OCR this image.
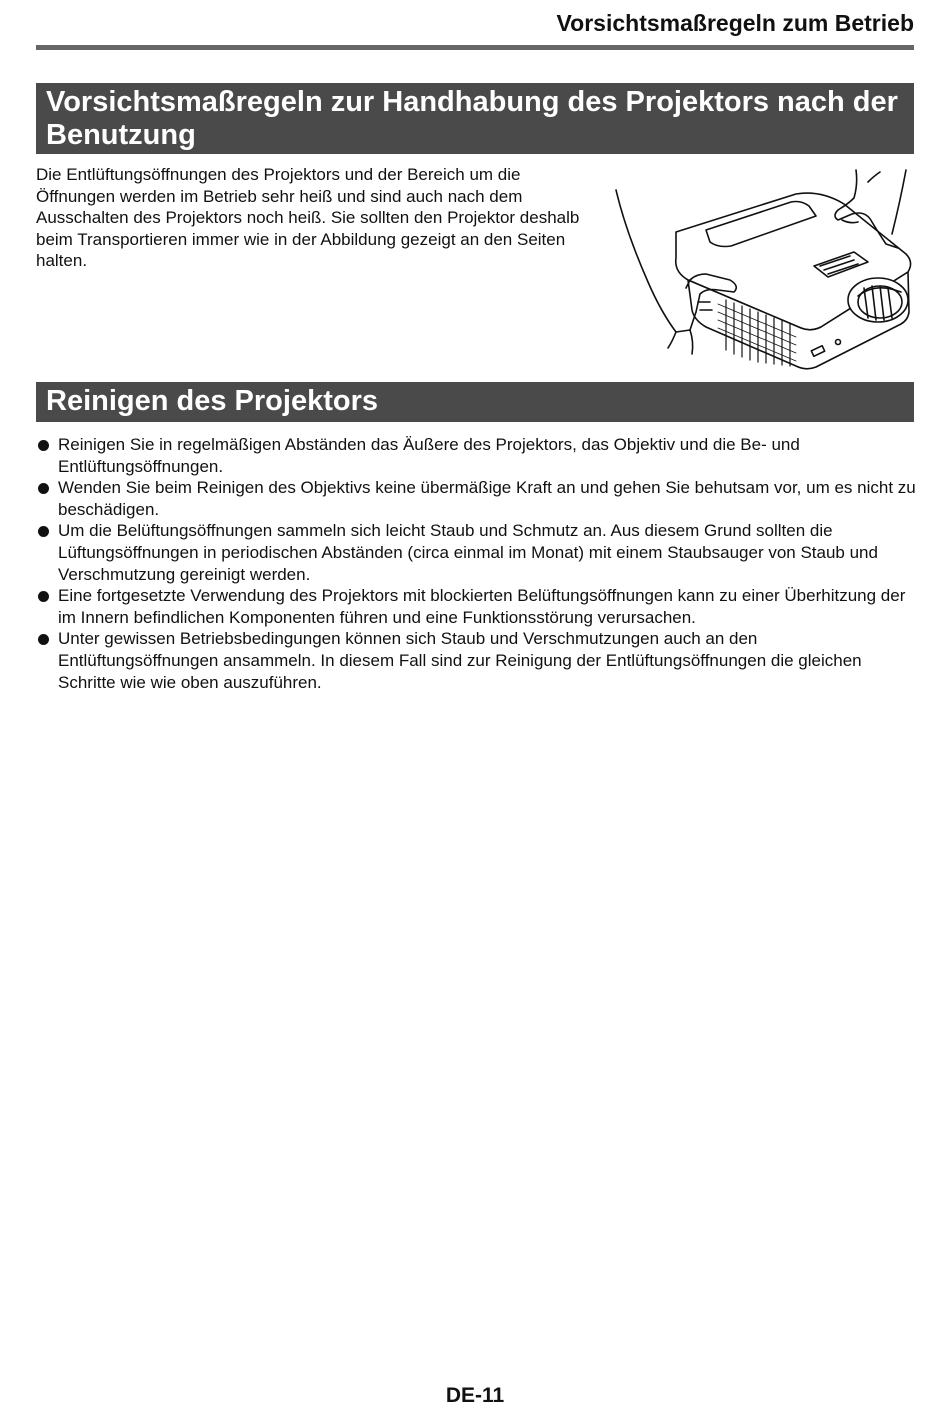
Vorsichtsmaßregeln zum Betrieb
Vorsichtsmaßregeln zur Handhabung des Projektors nach der Benutzung
Die Entlüftungsöffnungen des Projektors und der Bereich um die Öffnungen werden im Betrieb sehr heiß und sind auch nach dem Ausschalten des Projektors noch heiß. Sie sollten den Projektor deshalb beim Transportieren immer wie in der Abbildung gezeigt an den Seiten halten.
Reinigen des Projektors
Reinigen Sie in regelmäßigen Abständen das Äußere des Projektors, das Objektiv und die Be- und Entlüftungsöffnungen.
Wenden Sie beim Reinigen des Objektivs keine übermäßige Kraft an und gehen Sie behutsam vor, um es nicht zu beschädigen.
Um die Belüftungsöffnungen sammeln sich leicht Staub und Schmutz an. Aus diesem Grund sollten die Lüftungsöffnungen in periodischen Abständen (circa einmal im Monat) mit einem Staubsauger von Staub und Verschmutzung gereinigt werden.
Eine fortgesetzte Verwendung des Projektors mit blockierten Belüftungsöffnungen kann zu einer Überhitzung der im Innern befindlichen Komponenten führen und eine Funktionsstörung verursachen.
Unter gewissen Betriebsbedingungen können sich Staub und Verschmutzungen auch an den Entlüftungsöffnungen ansammeln. In diesem Fall sind zur Reinigung der Entlüftungsöffnungen die gleichen Schritte wie wie oben auszuführen.
DE-11
